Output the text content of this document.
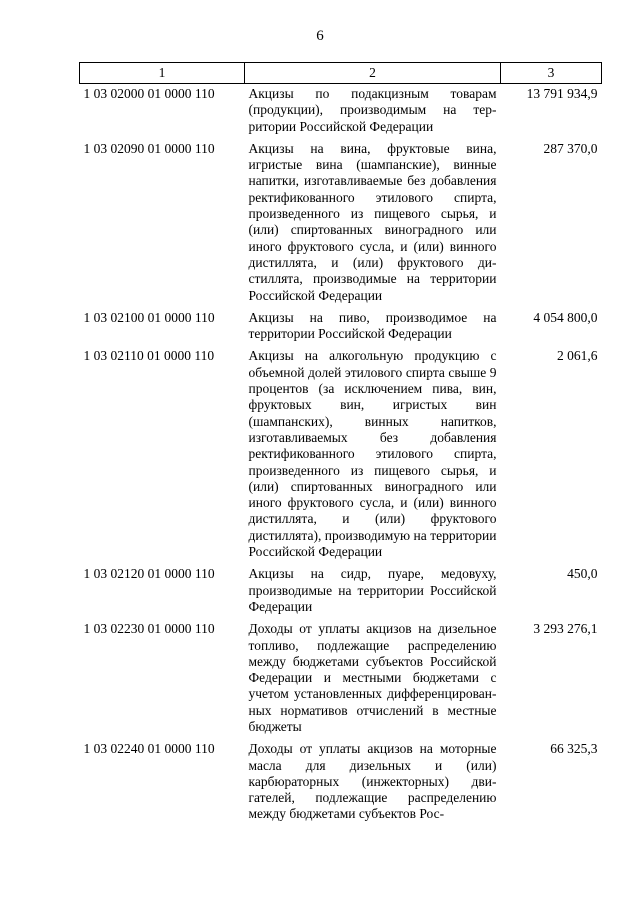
6
1	2	3
1 03 02000 01 0000 110	Акцизы по подакцизным товарам (продукции), производимым на территории Российской Федерации	13 791 934,9
1 03 02090 01 0000 110	Акцизы на вина, фруктовые вина, игристые вина (шампанские), винные напитки, изготавливаемые без добавления ректификованного этилового спирта, произведенного из пищевого сырья, и (или) спиртованных виноградного или иного фруктового сусла, и (или) винного дистиллята, и (или) фруктового дистиллята, производимые на территории Российской Федерации	287 370,0
1 03 02100 01 0000 110	Акцизы на пиво, производимое на территории Российской Федерации	4 054 800,0
1 03 02110 01 0000 110	Акцизы на алкогольную продукцию с объемной долей этилового спирта свыше 9 процентов (за исключением пива, вин, фруктовых вин, игристых вин (шампанских), винных напитков, изготавливаемых без добавления ректификованного этилового спирта, произведенного из пищевого сырья, и (или) спиртованных виноградного или иного фруктового сусла, и (или) винного дистиллята, и (или) фруктового дистиллята), производимую на территории Российской Федерации	2 061,6
1 03 02120 01 0000 110	Акцизы на сидр, пуаре, медовуху, производимые на территории Российской Федерации	450,0
1 03 02230 01 0000 110	Доходы от уплаты акцизов на дизельное топливо, подлежащие распределению между бюджетами субъектов Российской Федерации и местными бюджетами с учетом установленных дифференцированных нормативов отчислений в местные бюджеты	3 293 276,1
1 03 02240 01 0000 110	Доходы от уплаты акцизов на моторные масла для дизельных и (или) карбюраторных (инжекторных) двигателей, подлежащие распределению между бюджетами субъектов Рос-	66 325,3
